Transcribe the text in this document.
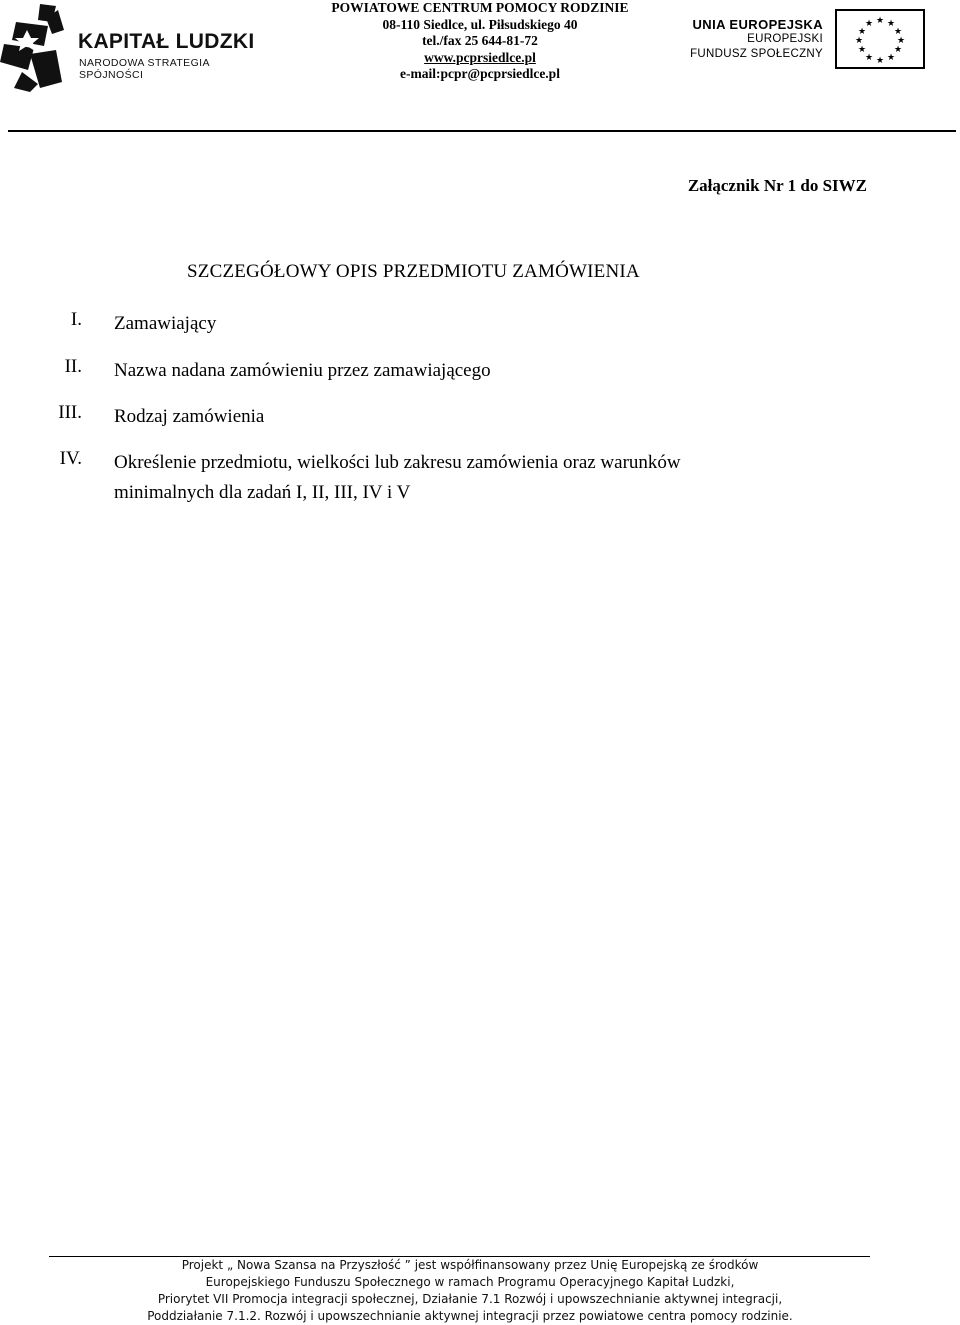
KAPITAŁ LUDZKI
NARODOWA STRATEGIA SPÓJNOŚCI
POWIATOWE CENTRUM POMOCY RODZINIE
08-110 Siedlce, ul. Piłsudskiego 40
tel./fax 25 644-81-72
www.pcprsiedlce.pl
e-mail:pcpr@pcprsiedlce.pl
UNIA EUROPEJSKA
EUROPEJSKI
FUNDUSZ SPOŁECZNY
★ ★
★
★
★
★
★
★
★
★
★
★
Załącznik Nr 1 do SIWZ
SZCZEGÓŁOWY OPIS PRZEDMIOTU ZAMÓWIENIA
I. Zamawiający
II. Nazwa nadana zamówieniu przez zamawiającego
III. Rodzaj zamówienia
IV. Określenie przedmiotu, wielkości lub zakresu zamówienia oraz warunków
minimalnych dla zadań I, II, III, IV i V
Projekt „ Nowa Szansa na Przyszłość ” jest współfinansowany przez Unię Europejską ze środków
Europejskiego Funduszu Społecznego w ramach Programu Operacyjnego Kapitał Ludzki,
Priorytet VII Promocja integracji społecznej, Działanie 7.1 Rozwój i upowszechnianie aktywnej integracji,
Poddziałanie 7.1.2. Rozwój i upowszechnianie aktywnej integracji przez powiatowe centra pomocy rodzinie.
